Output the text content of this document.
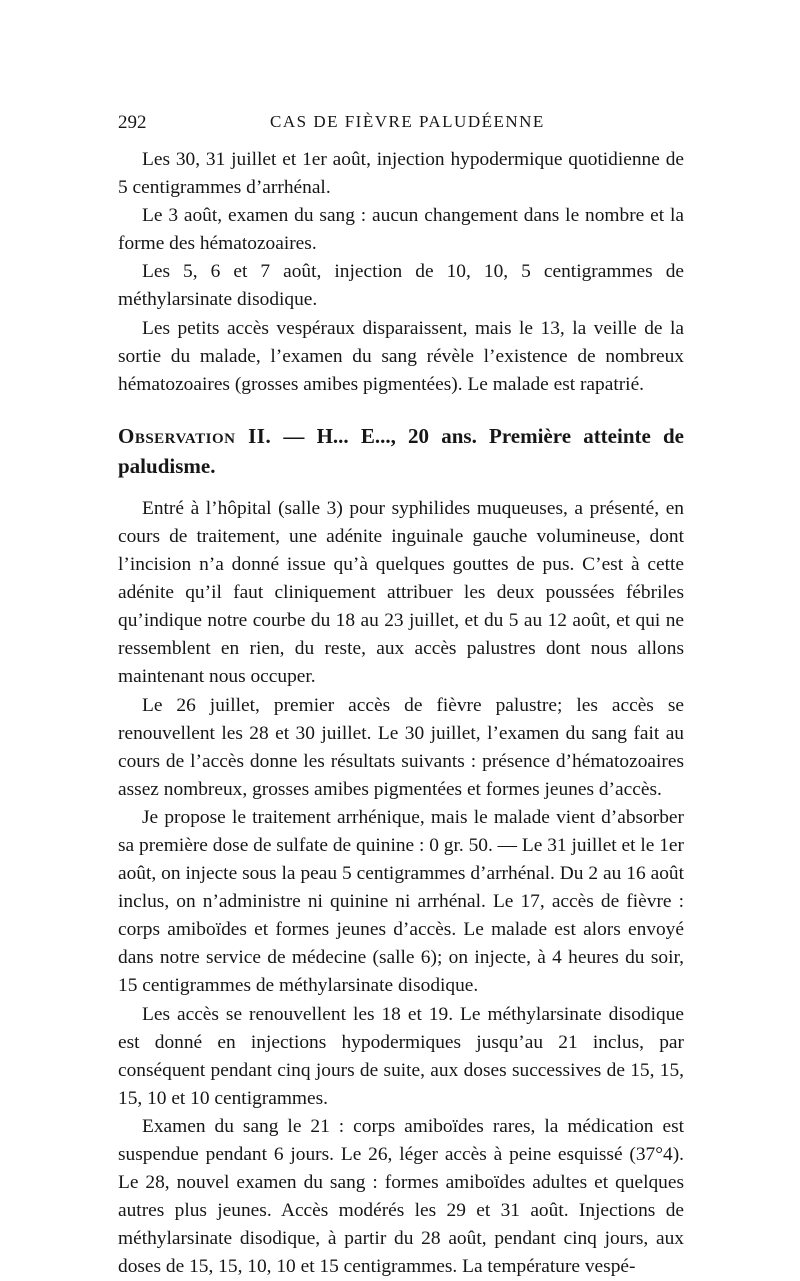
292	CAS DE FIÈVRE PALUDÉENNE

Les 30, 31 juillet et 1er août, injection hypodermique quotidienne de 5 centigrammes d’arrhénal.

Le 3 août, examen du sang : aucun changement dans le nombre et la forme des hématozoaires.

Les 5, 6 et 7 août, injection de 10, 10, 5 centigrammes de méthylarsinate disodique.

Les petits accès vespéraux disparaissent, mais le 13, la veille de la sortie du malade, l’examen du sang révèle l’existence de nombreux hématozoaires (grosses amibes pigmentées). Le malade est rapatrié.

Observation II. — H... E..., 20 ans. Première atteinte de paludisme.

Entré à l’hôpital (salle 3) pour syphilides muqueuses, a présenté, en cours de traitement, une adénite inguinale gauche volumineuse, dont l’incision n’a donné issue qu’à quelques gouttes de pus. C’est à cette adénite qu’il faut cliniquement attribuer les deux poussées fébriles qu’indique notre courbe du 18 au 23 juillet, et du 5 au 12 août, et qui ne ressemblent en rien, du reste, aux accès palustres dont nous allons maintenant nous occuper.

Le 26 juillet, premier accès de fièvre palustre; les accès se renouvellent les 28 et 30 juillet. Le 30 juillet, l’examen du sang fait au cours de l’accès donne les résultats suivants : présence d’hématozoaires assez nombreux, grosses amibes pigmentées et formes jeunes d’accès.

Je propose le traitement arrhénique, mais le malade vient d’absorber sa première dose de sulfate de quinine : 0 gr. 50. — Le 31 juillet et le 1er août, on injecte sous la peau 5 centigrammes d’arrhénal. Du 2 au 16 août inclus, on n’administre ni quinine ni arrhénal. Le 17, accès de fièvre : corps amiboïdes et formes jeunes d’accès. Le malade est alors envoyé dans notre service de médecine (salle 6); on injecte, à 4 heures du soir, 15 centigrammes de méthylarsinate disodique.

Les accès se renouvellent les 18 et 19. Le méthylarsinate disodique est donné en injections hypodermiques jusqu’au 21 inclus, par conséquent pendant cinq jours de suite, aux doses successives de 15, 15, 15, 10 et 10 centigrammes.

Examen du sang le 21 : corps amiboïdes rares, la médication est suspendue pendant 6 jours. Le 26, léger accès à peine esquissé (37°4). Le 28, nouvel examen du sang : formes amiboïdes adultes et quelques autres plus jeunes. Accès modérés les 29 et 31 août. Injections de méthylarsinate disodique, à partir du 28 août, pendant cinq jours, aux doses de 15, 15, 10, 10 et 15 centigrammes. La température vespé-
